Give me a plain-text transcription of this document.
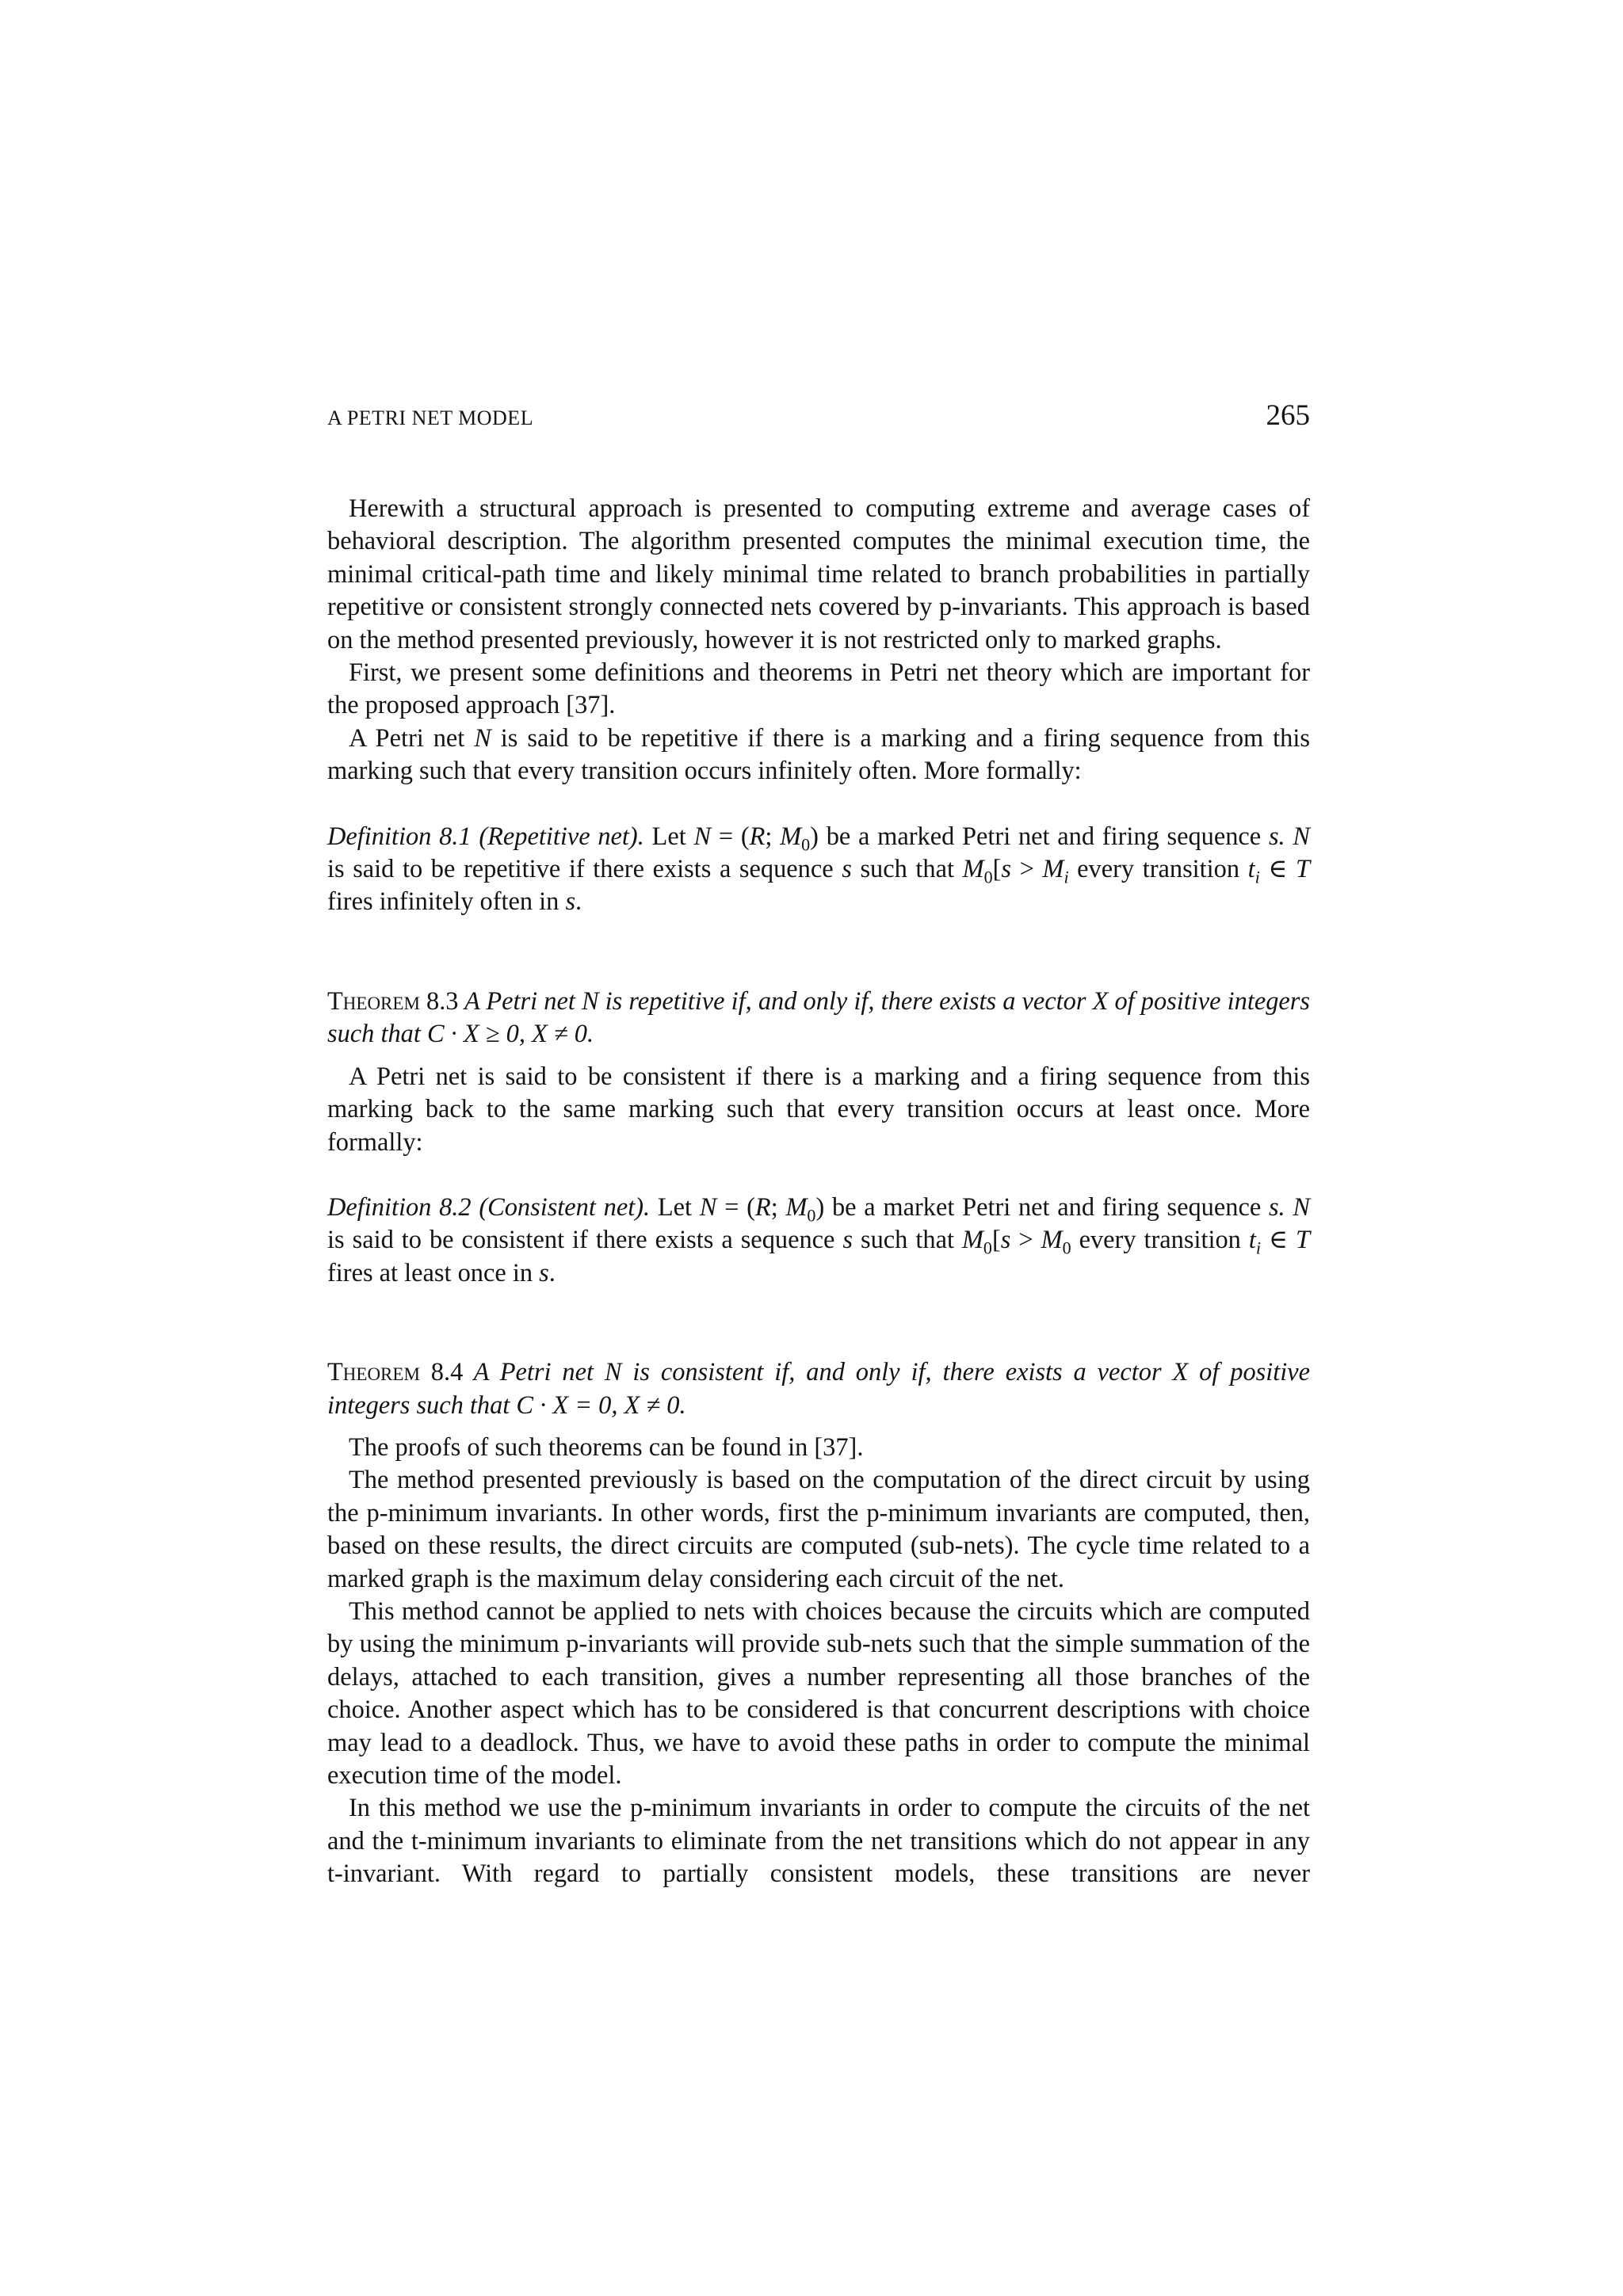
A PETRI NET MODEL	265

Herewith a structural approach is presented to computing extreme and average cases of behavioral description. The algorithm presented computes the minimal execution time, the minimal critical-path time and likely minimal time related to branch probabilities in partially repetitive or consistent strongly connected nets covered by p-invariants. This approach is based on the method presented previously, however it is not restricted only to marked graphs.

First, we present some definitions and theorems in Petri net theory which are important for the proposed approach [37].

A Petri net N is said to be repetitive if there is a marking and a firing sequence from this marking such that every transition occurs infinitely often. More formally:

Definition 8.1 (Repetitive net). Let N = (R; $M_0$) be a marked Petri net and firing sequence s. N is said to be repetitive if there exists a sequence s such that $M_0[s > M_i$ every transition $t_i$ ∈ T fires infinitely often in s.

Theorem 8.3 A Petri net N is repetitive if, and only if, there exists a vector X of positive integers such that C · X ≥ 0, X ≠ 0.

A Petri net is said to be consistent if there is a marking and a firing sequence from this marking back to the same marking such that every transition occurs at least once. More formally:

Definition 8.2 (Consistent net). Let N = (R; $M_0$) be a market Petri net and firing sequence s. N is said to be consistent if there exists a sequence s such that $M_0[s > M_0$ every transition $t_i$ ∈ T fires at least once in s.

Theorem 8.4 A Petri net N is consistent if, and only if, there exists a vector X of positive integers such that C · X = 0, X ≠ 0.

The proofs of such theorems can be found in [37].

The method presented previously is based on the computation of the direct circuit by using the p-minimum invariants. In other words, first the p-minimum invariants are computed, then, based on these results, the direct circuits are computed (sub-nets). The cycle time related to a marked graph is the maximum delay considering each circuit of the net.

This method cannot be applied to nets with choices because the circuits which are computed by using the minimum p-invariants will provide sub-nets such that the simple summation of the delays, attached to each transition, gives a number representing all those branches of the choice. Another aspect which has to be considered is that concurrent descriptions with choice may lead to a deadlock. Thus, we have to avoid these paths in order to compute the minimal execution time of the model.

In this method we use the p-minimum invariants in order to compute the circuits of the net and the t-minimum invariants to eliminate from the net transitions which do not appear in any t-invariant. With regard to partially consistent models, these transitions are never
